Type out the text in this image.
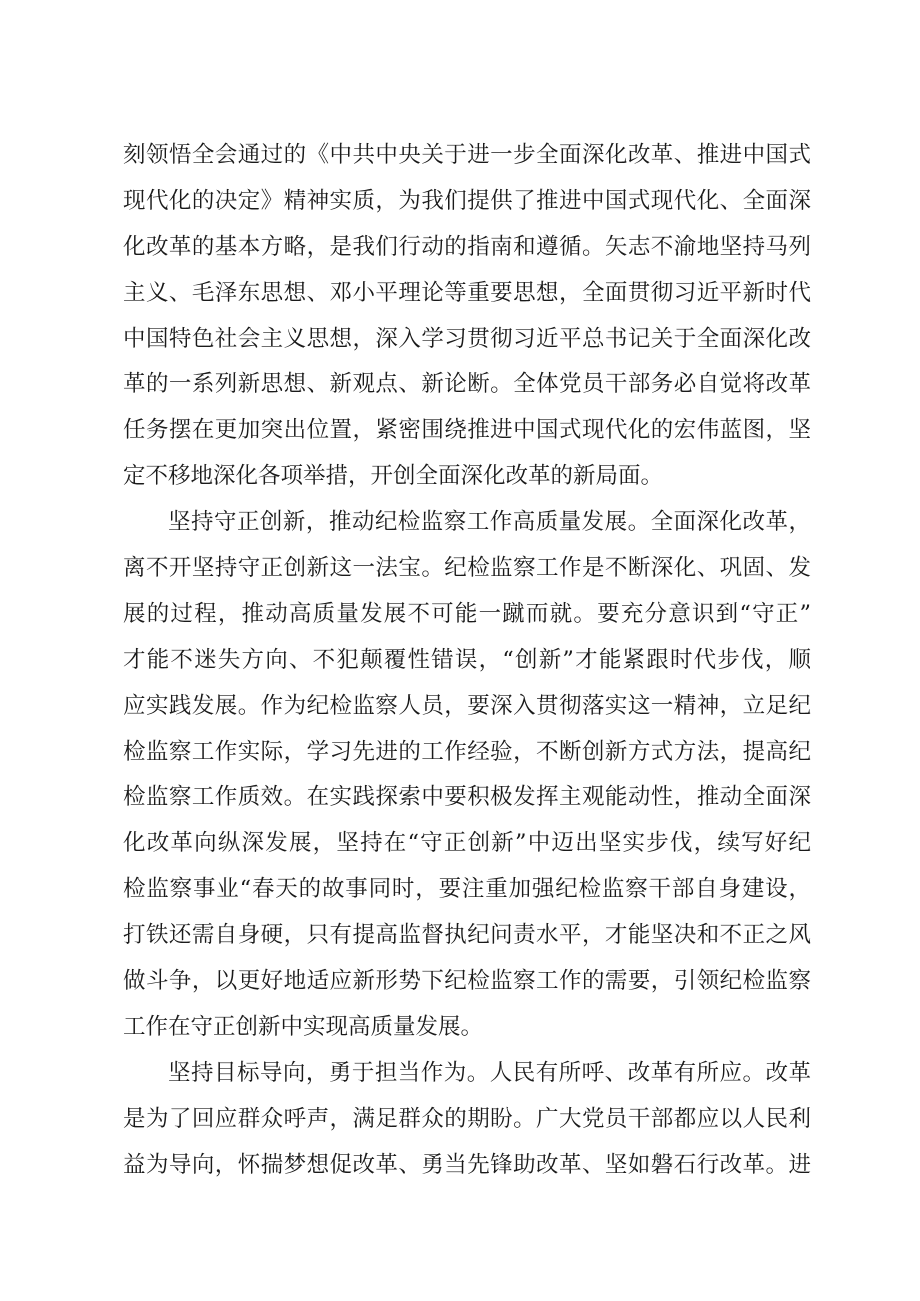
刻领悟全会通过的《中共中央关于进一步全面深化改革、推进中国式
现代化的决定》精神实质，为我们提供了推进中国式现代化、全面深
化改革的基本方略，是我们行动的指南和遵循。矢志不渝地坚持马列
主义、毛泽东思想、邓小平理论等重要思想，全面贯彻习近平新时代
中国特色社会主义思想，深入学习贯彻习近平总书记关于全面深化改
革的一系列新思想、新观点、新论断。全体党员干部务必自觉将改革
任务摆在更加突出位置，紧密围绕推进中国式现代化的宏伟蓝图，坚
定不移地深化各项举措，开创全面深化改革的新局面。
坚持守正创新，推动纪检监察工作高质量发展。全面深化改革，
离不开坚持守正创新这一法宝。纪检监察工作是不断深化、巩固、发
展的过程，推动高质量发展不可能一蹴而就。要充分意识到“守正”
才能不迷失方向、不犯颠覆性错误，“创新”才能紧跟时代步伐，顺
应实践发展。作为纪检监察人员，要深入贯彻落实这一精神，立足纪
检监察工作实际，学习先进的工作经验，不断创新方式方法，提高纪
检监察工作质效。在实践探索中要积极发挥主观能动性，推动全面深
化改革向纵深发展，坚持在“守正创新”中迈出坚实步伐，续写好纪
检监察事业“春天的故事同时，要注重加强纪检监察干部自身建设，
打铁还需自身硬，只有提高监督执纪问责水平，才能坚决和不正之风
做斗争，以更好地适应新形势下纪检监察工作的需要，引领纪检监察
工作在守正创新中实现高质量发展。
坚持目标导向，勇于担当作为。人民有所呼、改革有所应。改革
是为了回应群众呼声，满足群众的期盼。广大党员干部都应以人民利
益为导向，怀揣梦想促改革、勇当先锋助改革、坚如磐石行改革。进
